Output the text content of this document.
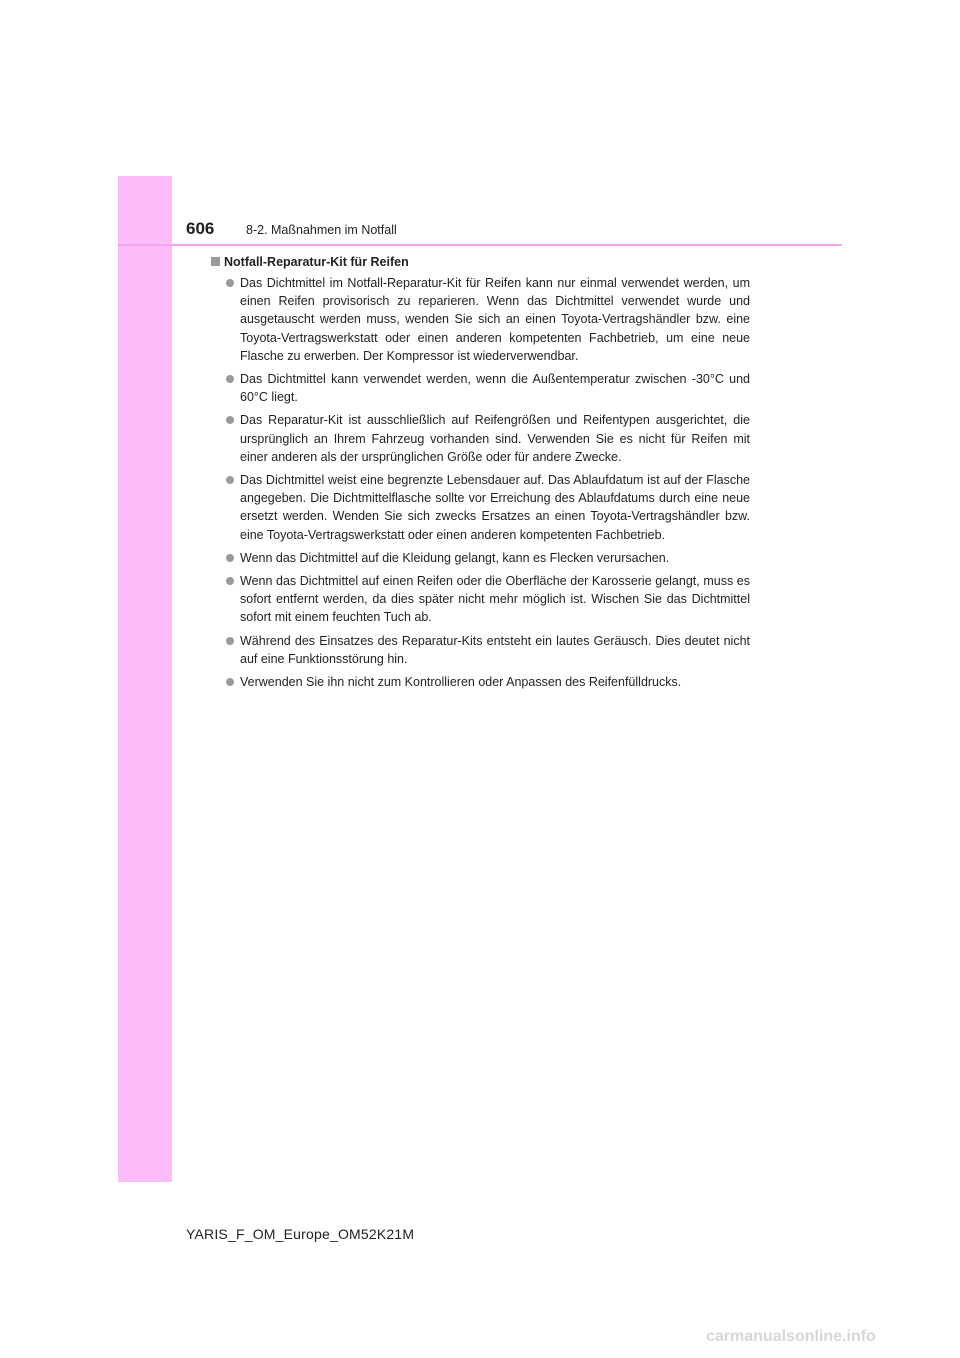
606	8-2. Maßnahmen im Notfall
Notfall-Reparatur-Kit für Reifen
Das Dichtmittel im Notfall-Reparatur-Kit für Reifen kann nur einmal verwendet werden, um einen Reifen provisorisch zu reparieren. Wenn das Dichtmittel verwendet wurde und ausgetauscht werden muss, wenden Sie sich an einen Toyota-Vertragshändler bzw. eine Toyota-Vertragswerkstatt oder einen anderen kompetenten Fachbetrieb, um eine neue Flasche zu erwerben. Der Kompressor ist wiederverwendbar.
Das Dichtmittel kann verwendet werden, wenn die Außentemperatur zwischen -30°C und 60°C liegt.
Das Reparatur-Kit ist ausschließlich auf Reifengrößen und Reifentypen ausgerichtet, die ursprünglich an Ihrem Fahrzeug vorhanden sind. Verwenden Sie es nicht für Reifen mit einer anderen als der ursprünglichen Größe oder für andere Zwecke.
Das Dichtmittel weist eine begrenzte Lebensdauer auf. Das Ablaufdatum ist auf der Flasche angegeben. Die Dichtmittelflasche sollte vor Erreichung des Ablaufdatums durch eine neue ersetzt werden. Wenden Sie sich zwecks Ersatzes an einen Toyota-Vertragshändler bzw. eine Toyota-Vertragswerkstatt oder einen anderen kompetenten Fachbetrieb.
Wenn das Dichtmittel auf die Kleidung gelangt, kann es Flecken verursachen.
Wenn das Dichtmittel auf einen Reifen oder die Oberfläche der Karosserie gelangt, muss es sofort entfernt werden, da dies später nicht mehr möglich ist. Wischen Sie das Dichtmittel sofort mit einem feuchten Tuch ab.
Während des Einsatzes des Reparatur-Kits entsteht ein lautes Geräusch. Dies deutet nicht auf eine Funktionsstörung hin.
Verwenden Sie ihn nicht zum Kontrollieren oder Anpassen des Reifenfülldrucks.
YARIS_F_OM_Europe_OM52K21M
carmanualsonline.info
